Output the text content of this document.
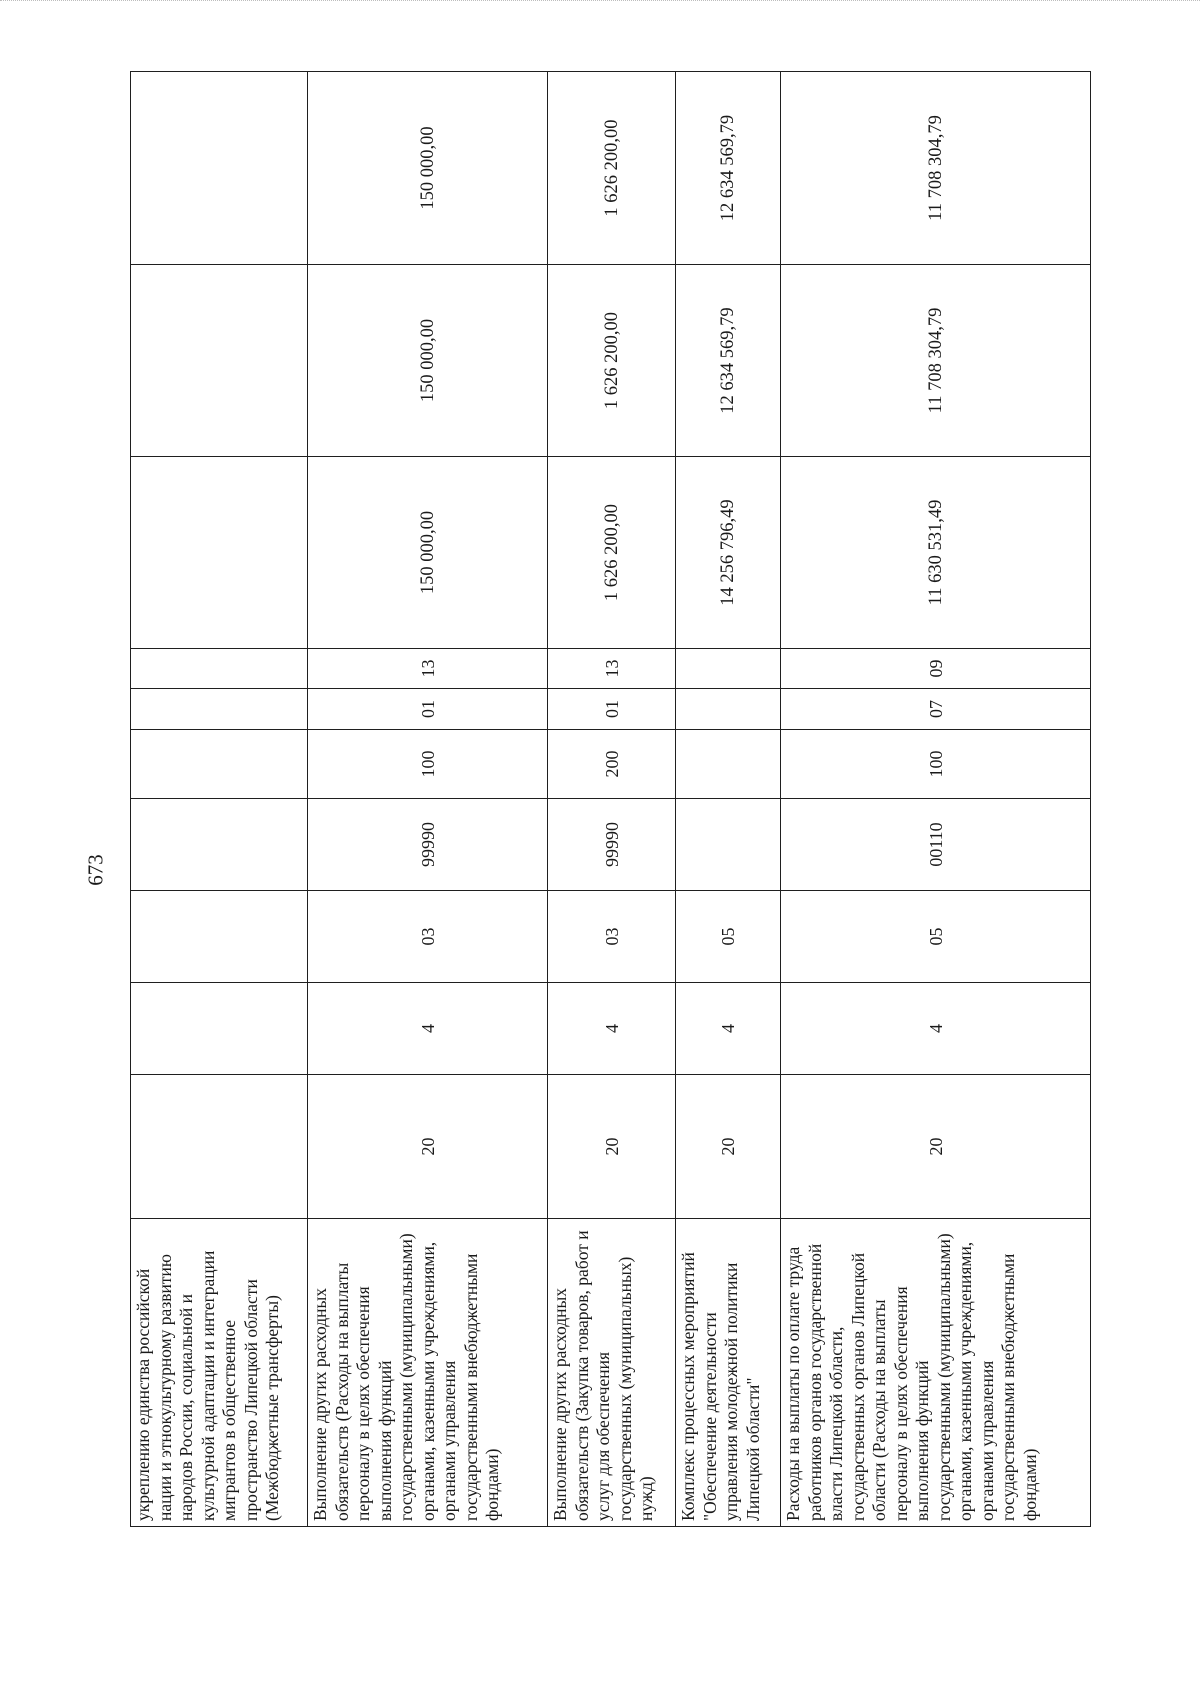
673
укреплению единства российской нации и этнокультурному развитию народов России, социальной и культурной адаптации и интеграции мигрантов в общественное пространство Липецкой области (Межбюджетные трансферты)										
Выполнение других расходных обязательств (Расходы на выплаты персоналу в целях обеспечения выполнения функций государственными (муниципальными) органами, казенными учреждениями, органами управления государственными внебюджетными фондами)	20	4	03	99990	100	01	13	150 000,00	150 000,00	150 000,00
Выполнение других расходных обязательств (Закупка товаров, работ и услуг для обеспечения государственных (муниципальных) нужд)	20	4	03	99990	200	01	13	1 626 200,00	1 626 200,00	1 626 200,00
Комплекс процессных мероприятий "Обеспечение деятельности управления молодежной политики Липецкой области"	20	4	05					14 256 796,49	12 634 569,79	12 634 569,79
Расходы на выплаты по оплате труда работников органов государственной власти Липецкой области, государственных органов Липецкой области (Расходы на выплаты персоналу в целях обеспечения выполнения функций государственными (муниципальными) органами, казенными учреждениями, органами управления государственными внебюджетными фондами)	20	4	05	00110	100	07	09	11 630 531,49	11 708 304,79	11 708 304,79
